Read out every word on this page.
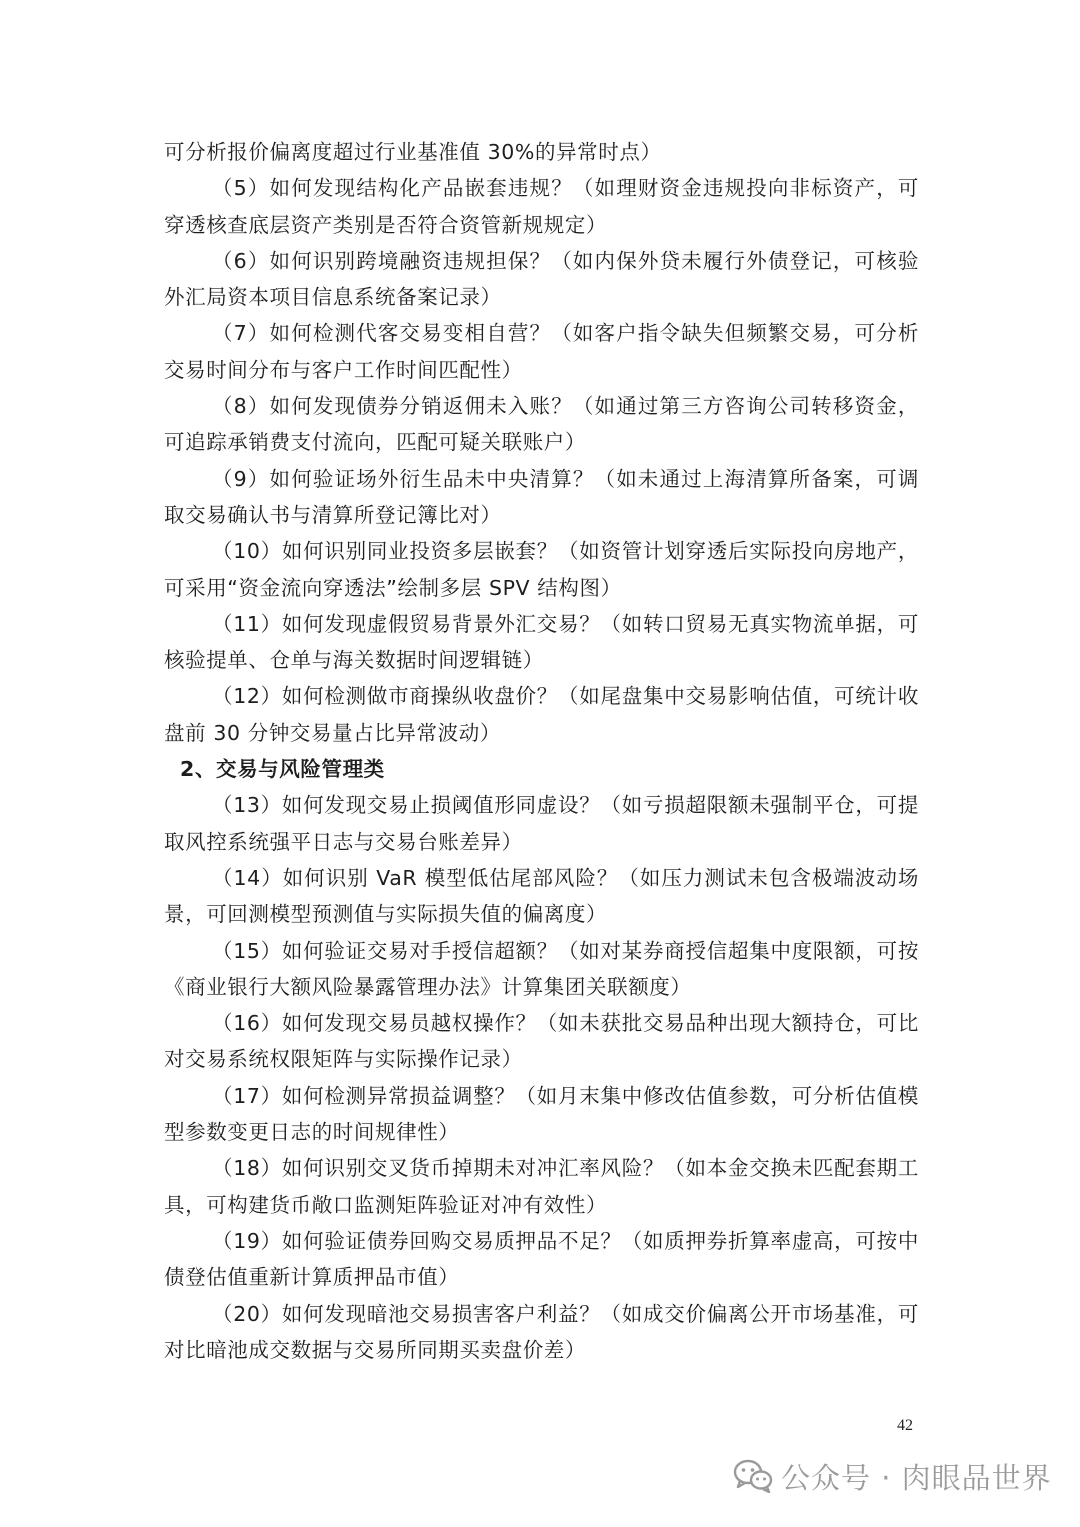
可分析报价偏离度超过行业基准值 30%的异常时点）

（5）如何发现结构化产品嵌套违规？（如理财资金违规投向非标资产，可穿透核查底层资产类别是否符合资管新规规定）

（6）如何识别跨境融资违规担保？（如内保外贷未履行外债登记，可核验外汇局资本项目信息系统备案记录）

（7）如何检测代客交易变相自营？（如客户指令缺失但频繁交易，可分析交易时间分布与客户工作时间匹配性）

（8）如何发现债券分销返佣未入账？（如通过第三方咨询公司转移资金，可追踪承销费支付流向，匹配可疑关联账户）

（9）如何验证场外衍生品未中央清算？（如未通过上海清算所备案，可调取交易确认书与清算所登记簿比对）

（10）如何识别同业投资多层嵌套？（如资管计划穿透后实际投向房地产，可采用“资金流向穿透法”绘制多层 SPV 结构图）

（11）如何发现虚假贸易背景外汇交易？（如转口贸易无真实物流单据，可核验提单、仓单与海关数据时间逻辑链）

（12）如何检测做市商操纵收盘价？（如尾盘集中交易影响估值，可统计收盘前 30 分钟交易量占比异常波动）

2、交易与风险管理类

（13）如何发现交易止损阈值形同虚设？（如亏损超限额未强制平仓，可提取风控系统强平日志与交易台账差异）

（14）如何识别 VaR 模型低估尾部风险？（如压力测试未包含极端波动场景，可回测模型预测值与实际损失值的偏离度）

（15）如何验证交易对手授信超额？（如对某券商授信超集中度限额，可按《商业银行大额风险暴露管理办法》计算集团关联额度）

（16）如何发现交易员越权操作？（如未获批交易品种出现大额持仓，可比对交易系统权限矩阵与实际操作记录）

（17）如何检测异常损益调整？（如月末集中修改估值参数，可分析估值模型参数变更日志的时间规律性）

（18）如何识别交叉货币掉期未对冲汇率风险？（如本金交换未匹配套期工具，可构建货币敞口监测矩阵验证对冲有效性）

（19）如何验证债券回购交易质押品不足？（如质押券折算率虚高，可按中债登估值重新计算质押品市值）

（20）如何发现暗池交易损害客户利益？（如成交价偏离公开市场基准，可对比暗池成交数据与交易所同期买卖盘价差）

42
公众号 · 肉眼品世界
